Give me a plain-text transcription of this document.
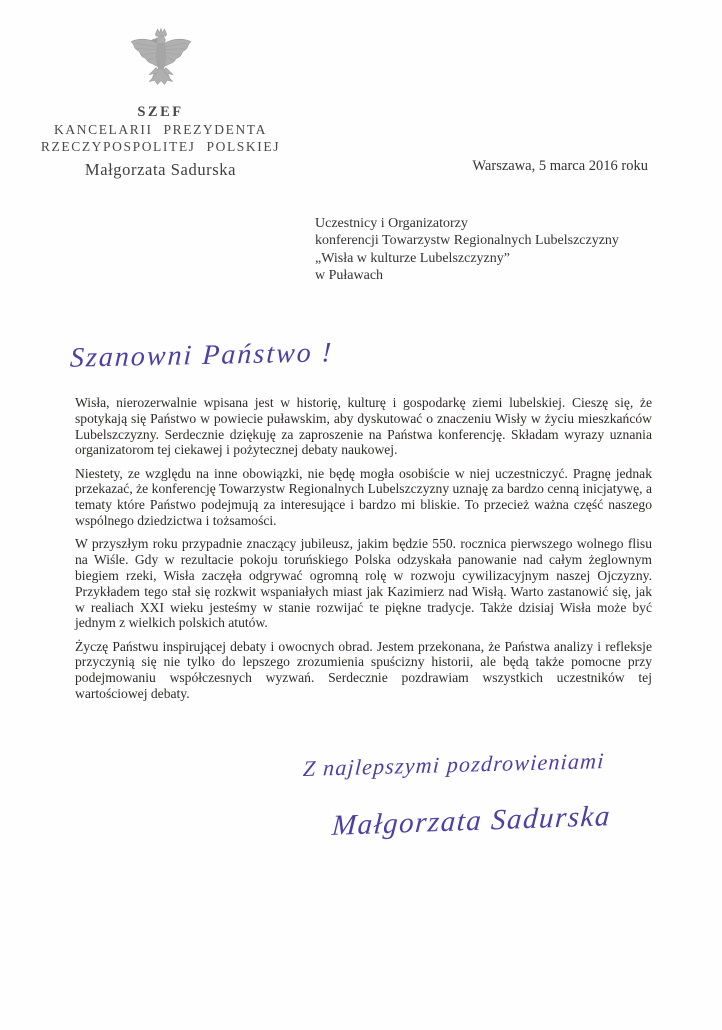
SZEF
KANCELARII PREZYDENTA
RZECZYPOSPOLITEJ POLSKIEJ
Małgorzata Sadurska	Warszawa, 5 marca 2016 roku
Uczestnicy i Organizatorzy
konferencji Towarzystw Regionalnych Lubelszczyzny
„Wisła w kulturze Lubelszczyzny”
w Puławach
Szanowni Państwo !

Wisła, nierozerwalnie wpisana jest w historię, kulturę i gospodarkę ziemi lubelskiej. Cieszę się, że spotykają się Państwo w powiecie puławskim, aby dyskutować o znaczeniu Wisły w życiu mieszkańców Lubelszczyzny. Serdecznie dziękuję za zaproszenie na Państwa konferencję. Składam wyrazy uznania organizatorom tej ciekawej i pożytecznej debaty naukowej.

Niestety, ze względu na inne obowiązki, nie będę mogła osobiście w niej uczestniczyć. Pragnę jednak przekazać, że konferencję Towarzystw Regionalnych Lubelszczyzny uznaję za bardzo cenną inicjatywę, a tematy które Państwo podejmują za interesujące i bardzo mi bliskie. To przecież ważna część naszego wspólnego dziedzictwa i tożsamości.

W przyszłym roku przypadnie znaczący jubileusz, jakim będzie 550. rocznica pierwszego wolnego flisu na Wiśle. Gdy w rezultacie pokoju toruńskiego Polska odzyskała panowanie nad całym żeglownym biegiem rzeki, Wisła zaczęła odgrywać ogromną rolę w rozwoju cywilizacyjnym naszej Ojczyzny. Przykładem tego stał się rozkwit wspaniałych miast jak Kazimierz nad Wisłą. Warto zastanowić się, jak w realiach XXI wieku jesteśmy w stanie rozwijać te piękne tradycje. Także dzisiaj Wisła może być jednym z wielkich polskich atutów.

Życzę Państwu inspirującej debaty i owocnych obrad. Jestem przekonana, że Państwa analizy i refleksje przyczynią się nie tylko do lepszego zrozumienia spuścizny historii, ale będą także pomocne przy podejmowaniu współczesnych wyzwań. Serdecznie pozdrawiam wszystkich uczestników tej wartościowej debaty.

Z najlepszymi pozdrowieniami
Małgorzata Sadurska
